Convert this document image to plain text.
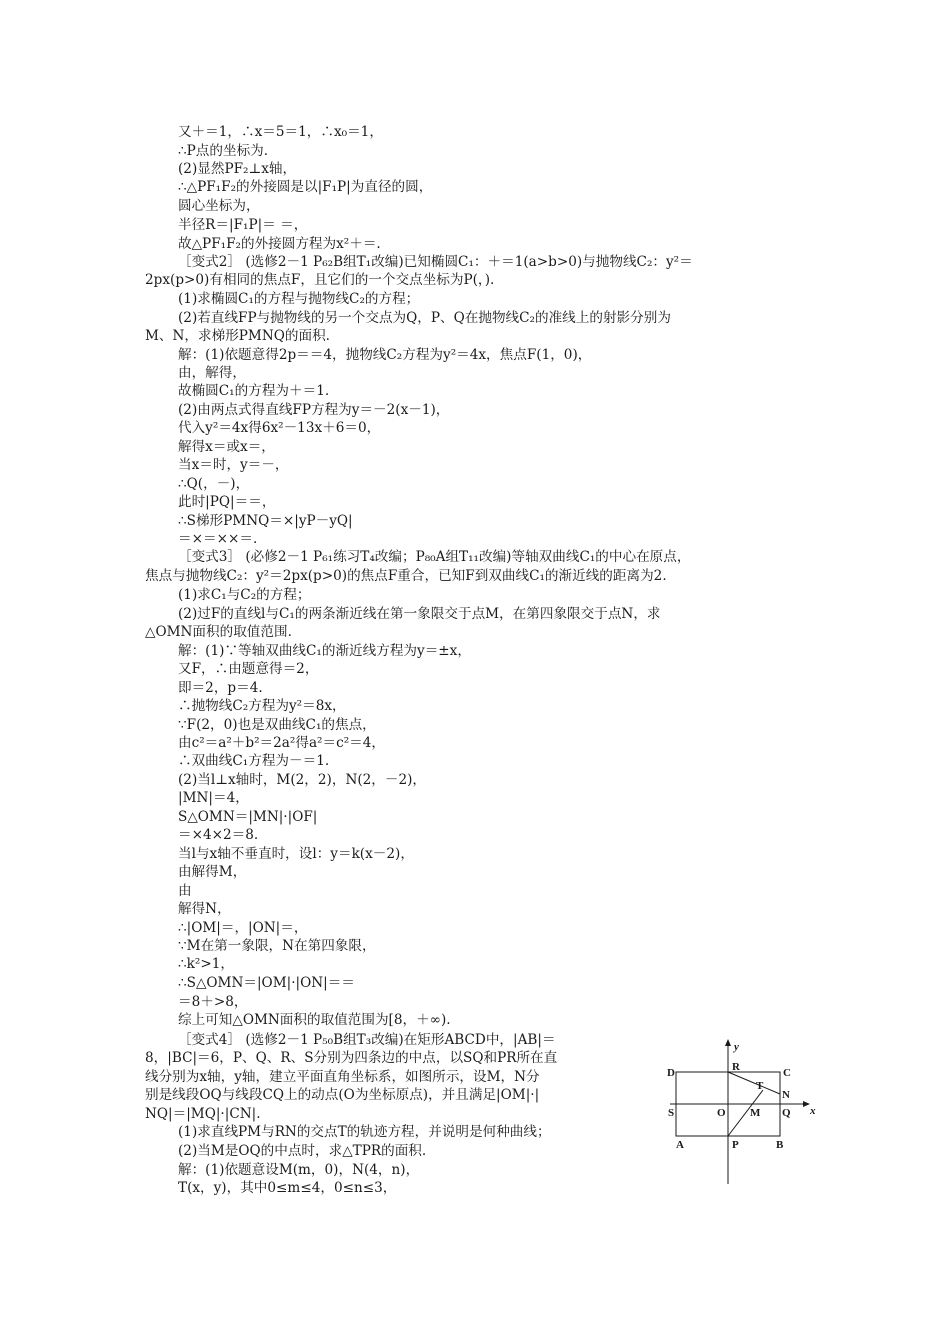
又＋＝1，∴x＝5＝1，∴x₀＝1，
∴P点的坐标为.
(2)显然PF₂⊥x轴，
∴△PF₁F₂的外接圆是以|F₁P|为直径的圆，
圆心坐标为，
半径R＝|F₁P|＝ ＝，
故△PF₁F₂的外接圆方程为x²＋＝.
［变式2］ (选修2－1 P₆₂B组T₁改编)已知椭圆C₁：＋＝1(a>b>0)与抛物线C₂：y²＝
2px(p>0)有相同的焦点F，且它们的一个交点坐标为P(，).
(1)求椭圆C₁的方程与抛物线C₂的方程；
(2)若直线FP与抛物线的另一个交点为Q，P、Q在抛物线C₂的准线上的射影分别为
M、N，求梯形PMNQ的面积.
解：(1)依题意得2p＝＝4，抛物线C₂方程为y²＝4x，焦点F(1，0)，
由，解得，
故椭圆C₁的方程为＋＝1.
(2)由两点式得直线FP方程为y＝－2(x－1)，
代入y²＝4x得6x²－13x＋6＝0，
解得x＝或x＝，
当x＝时，y＝－，
∴Q(，－)，
此时|PQ|＝＝，
∴S梯形PMNQ＝×|yP－yQ|
＝×＝××＝.
［变式3］ (必修2－1 P₆₁练习T₄改编；P₈₀A组T₁₁改编)等轴双曲线C₁的中心在原点，
焦点与抛物线C₂：y²＝2px(p>0)的焦点F重合，已知F到双曲线C₁的渐近线的距离为2.
(1)求C₁与C₂的方程；
(2)过F的直线l与C₁的两条渐近线在第一象限交于点M，在第四象限交于点N，求
△OMN面积的取值范围.
解：(1)∵等轴双曲线C₁的渐近线方程为y＝±x，
又F，∴由题意得＝2，
即＝2，p＝4.
∴抛物线C₂方程为y²＝8x，
∵F(2，0)也是双曲线C₁的焦点，
由c²＝a²＋b²＝2a²得a²＝c²＝4，
∴双曲线C₁方程为－＝1.
(2)当l⊥x轴时，M(2，2)，N(2，－2)，
|MN|＝4，
S△OMN＝|MN|·|OF|
＝×4×2＝8.
当l与x轴不垂直时，设l：y＝k(x－2)，
由解得M，
由
解得N，
∴|OM|＝，|ON|＝，
∵M在第一象限，N在第四象限，
∴k²>1，
∴S△OMN＝|OM|·|ON|＝＝
＝8＋>8，
综上可知△OMN面积的取值范围为[8，＋∞).
［变式4］ (选修2－1 P₅₀B组T₃改编)在矩形ABCD中，|AB|＝
8，|BC|＝6，P、Q、R、S分别为四条边的中点，以SQ和PR所在直
线分别为x轴，y轴，建立平面直角坐标系，如图所示，设M，N分
别是线段OQ与线段CQ上的动点(O为坐标原点)，并且满足|OM|·|
NQ|＝|MQ|·|CN|.
(1)求直线PM与RN的交点T的轨迹方程，并说明是何种曲线；
(2)当M是OQ的中点时，求△TPR的面积.
解：(1)依题意设M(m，0)，N(4，n)，
T(x，y)，其中0≤m≤4，0≤n≤3，
y
x
D	R	C
T
N
S	O M Q
A	P	B
